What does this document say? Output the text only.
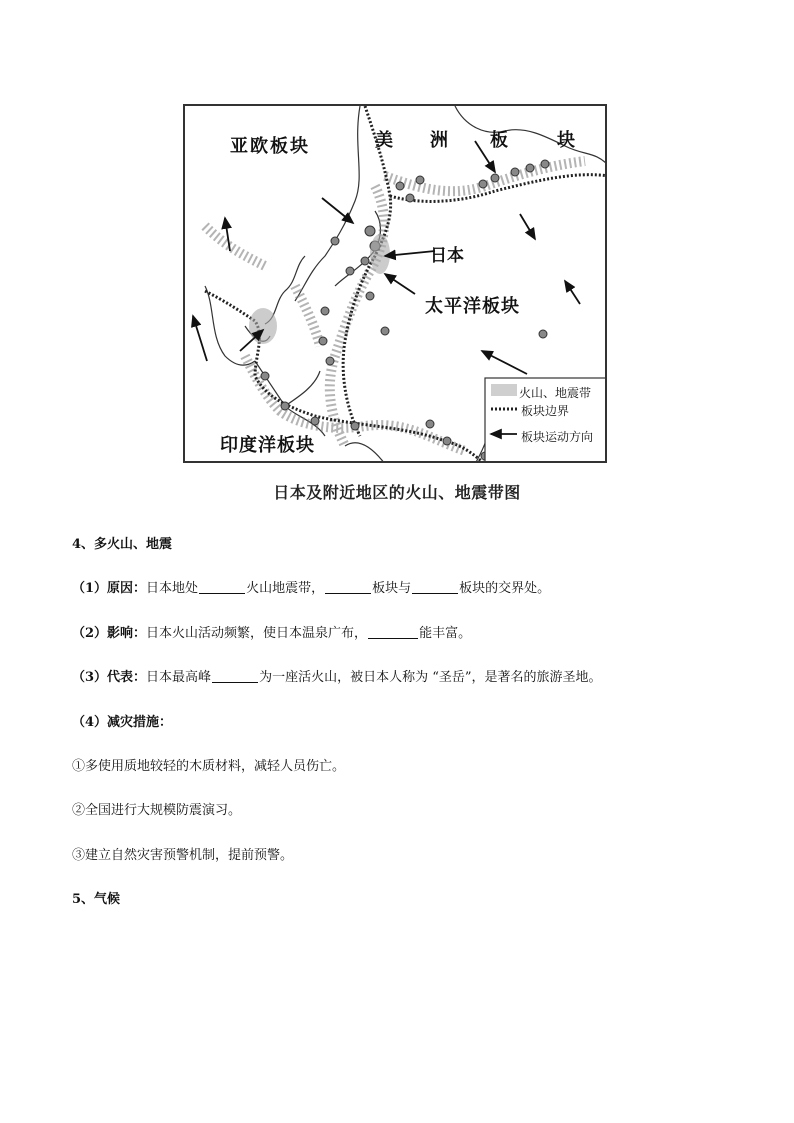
亚欧板块	美 洲 板	块
日本
太平洋板块
印度洋板块
火山、地震带
板块边界
板块运动方向
日本及附近地区的火山、地震带图
4、多火山、地震
（1）原因：日本地处	火山地震带，	板块与	板块的交界处。
（2）影响：日本火山活动频繁，使日本温泉广布，	能丰富。
（3）代表：日本最高峰	为一座活火山，被日本人称为 “圣岳”，是著名的旅游圣地。
（4）减灾措施：
①多使用质地较轻的木质材料，减轻人员伤亡。
②全国进行大规模防震演习。
③建立自然灾害预警机制，提前预警。
5、气候
